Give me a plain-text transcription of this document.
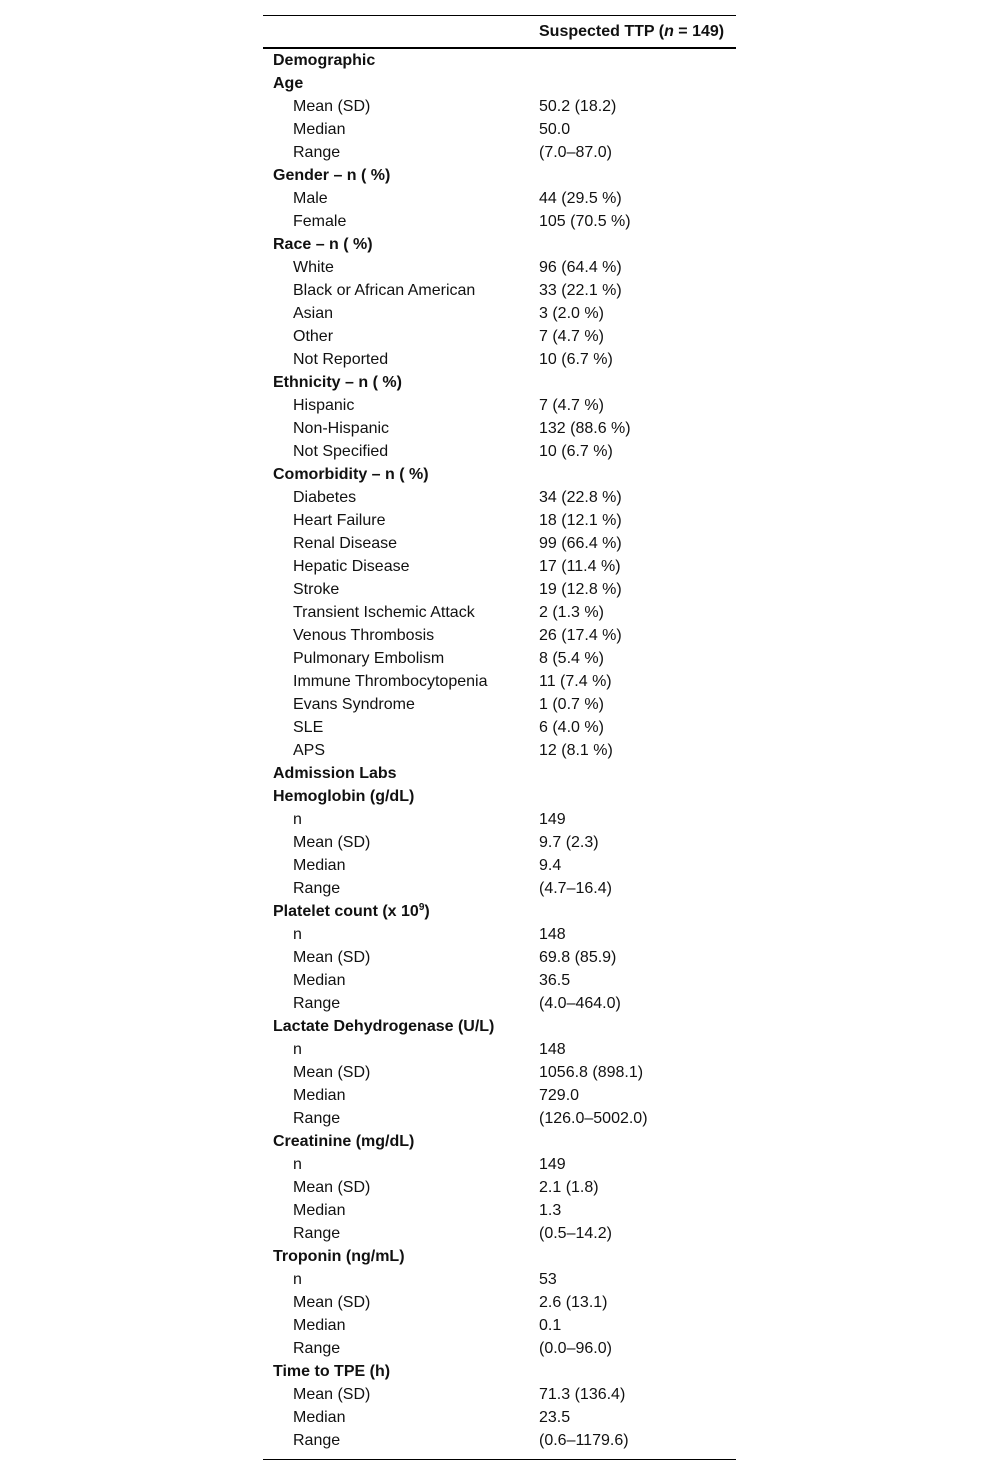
Suspected TTP (n = 149)
Demographic
Age
Mean (SD)	50.2 (18.2)
Median	50.0
Range	(7.0–87.0)
Gender – n ( %)
Male	44 (29.5 %)
Female	105 (70.5 %)
Race – n ( %)
White	96 (64.4 %)
Black or African American	33 (22.1 %)
Asian	3 (2.0 %)
Other	7 (4.7 %)
Not Reported	10 (6.7 %)
Ethnicity – n ( %)
Hispanic	7 (4.7 %)
Non-Hispanic	132 (88.6 %)
Not Specified	10 (6.7 %)
Comorbidity – n ( %)
Diabetes	34 (22.8 %)
Heart Failure	18 (12.1 %)
Renal Disease	99 (66.4 %)
Hepatic Disease	17 (11.4 %)
Stroke	19 (12.8 %)
Transient Ischemic Attack	2 (1.3 %)
Venous Thrombosis	26 (17.4 %)
Pulmonary Embolism	8 (5.4 %)
Immune Thrombocytopenia	11 (7.4 %)
Evans Syndrome	1 (0.7 %)
SLE	6 (4.0 %)
APS	12 (8.1 %)
Admission Labs
Hemoglobin (g/dL)
n	149
Mean (SD)	9.7 (2.3)
Median	9.4
Range	(4.7–16.4)
Platelet count (x $10^9$)
n	148
Mean (SD)	69.8 (85.9)
Median	36.5
Range	(4.0–464.0)
Lactate Dehydrogenase (U/L)
n	148
Mean (SD)	1056.8 (898.1)
Median	729.0
Range	(126.0–5002.0)
Creatinine (mg/dL)
n	149
Mean (SD)	2.1 (1.8)
Median	1.3
Range	(0.5–14.2)
Troponin (ng/mL)
n	53
Mean (SD)	2.6 (13.1)
Median	0.1
Range	(0.0–96.0)
Time to TPE (h)
Mean (SD)	71.3 (136.4)
Median	23.5
Range	(0.6–1179.6)
